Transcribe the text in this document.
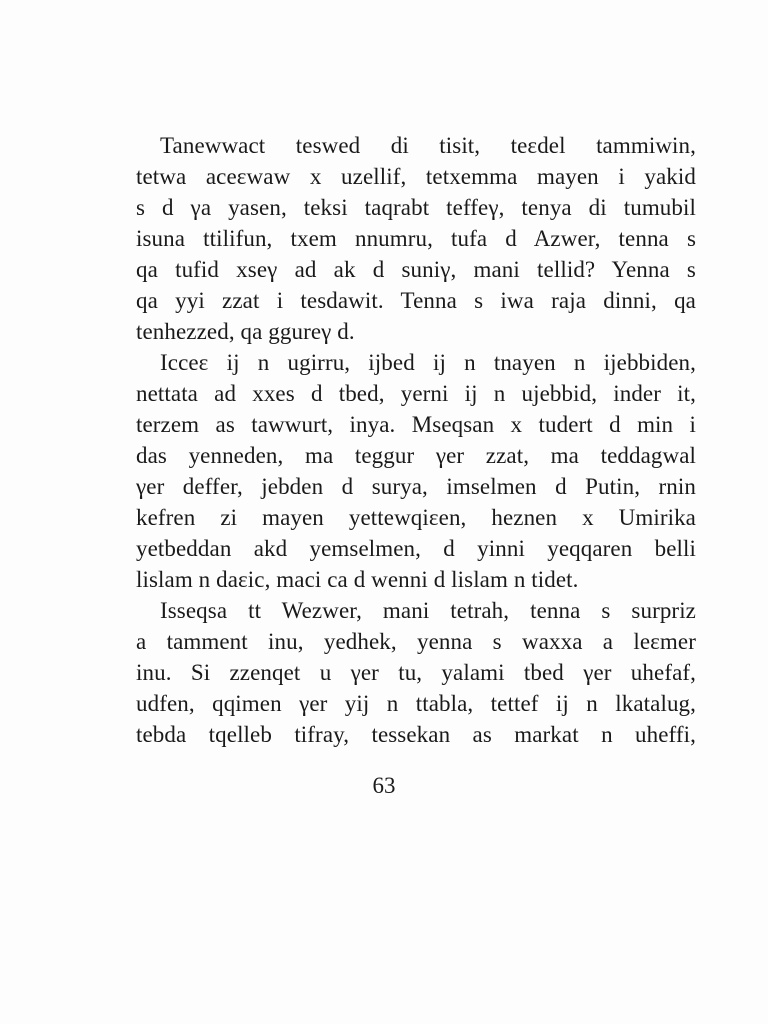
Tanewwact teswed di tisit, teεdel tammiwin,
tetwa aceεwaw x uzellif, tetxemma mayen i yakid
s d γa yasen, teksi taqrabt teffeγ, tenya di tumubil
isuna ttilifun, txem nnumru, tufa d Azwer, tenna s
qa tufid xseγ ad ak d suniγ, mani tellid? Yenna s
qa yyi zzat i tesdawit. Tenna s iwa raja dinni, qa
tenhezzed, qa ggureγ d.
Icceε ij n ugirru, ijbed ij n tnayen n ijebbiden,
nettata ad xxes d tbed, yerni ij n ujebbid, inder it,
terzem as tawwurt, inya. Mseqsan x tudert d min i
das yenneden, ma teggur γer zzat, ma teddagwal
γer deffer, jebden d surya, imselmen d Putin, rnin
kefren zi mayen yettewqiεen, heznen x Umirika
yetbeddan akd yemselmen, d yinni yeqqaren belli
lislam n daεic, maci ca d wenni d lislam n tidet.
Isseqsa tt Wezwer, mani tetrah, tenna s surpriz
a tamment inu, yedhek, yenna s waxxa a leεmer
inu. Si zzenqet u γer tu, yalami tbed γer uhefaf,
udfen, qqimen γer yij n ttabla, tettef ij n lkatalug,
tebda tqelleb tifray, tessekan as markat n uheffi,
63
